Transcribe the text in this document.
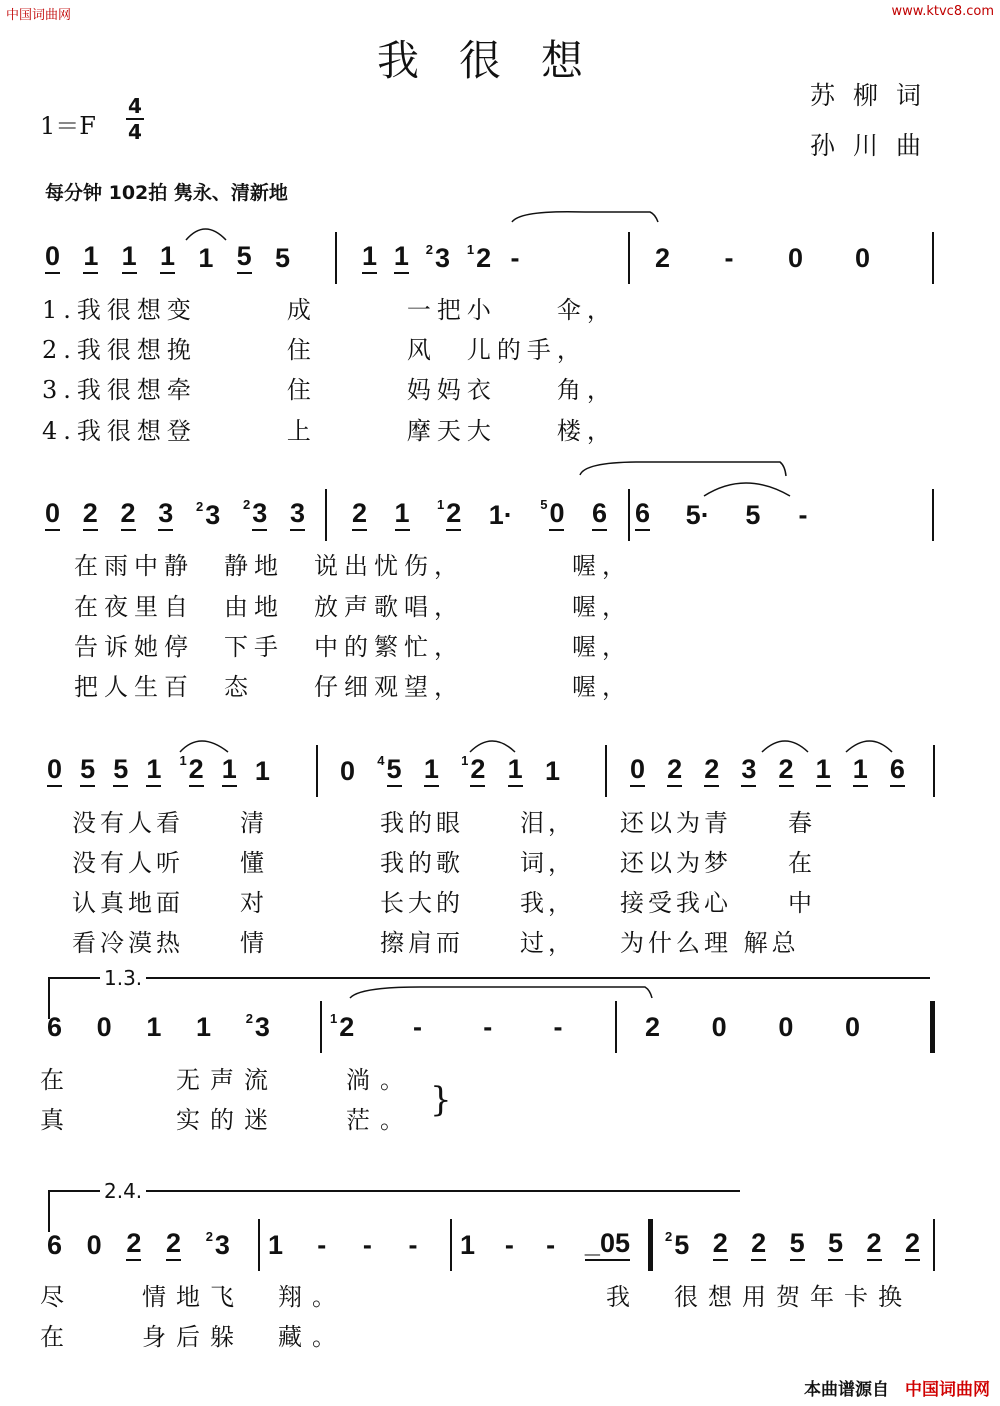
中国词曲网	www.ktvc8.com
我很想
苏柳词
孙川曲
1＝F
4
4
每分钟 102拍 隽永、清新地
0 1 1 1 1 5 5	1 1 23 12 -	2 - 0 0
0 2 2 3 23 23 3 2 1 12 1· 50 6 6 5· 5 -
0 5 5 1 12 1 1	0 45 1 12 1 1	0 2 2 3 2 1 1 6
6 0 1 1	23	12 - - -	2 0 0 0
6 0 2 2 23 1 - - - 1 - - _05	25 2 2 5 5 2 2
1.我很想变　　　成　　　一把小　　伞，
2.我很想挽　　　住　　　风　儿的手，
3.我很想牵　　　住　　　妈妈衣　　角，
4.我很想登　　　上　　　摩天大　　楼，
在雨中静　静地　说出忧伤，　　　　喔，
在夜里自　由地　放声歌唱，　　　　喔，
告诉她停　下手　中的繁忙，　　　　喔，
把人生百　态　　仔细观望，　　　　喔，
没有人看　　清　　　　我的眼　　泪，　　还以为青　　春
没有人听　　懂　　　　我的歌　　词，　　还以为梦　　在
认真地面　　对　　　　长大的　　我，　　接受我心　　中
看冷漠热　　情　　　　擦肩而　　过，　　为什么理 解总
1.3.
在　　　无声流　　淌。
真　　　实的迷　　茫。 }
2.4.
尽　　情地飞　翔。　　　　　　　　我　很想用贺年卡换
在　　身后躲　藏。
本曲谱源自 中国词曲网
